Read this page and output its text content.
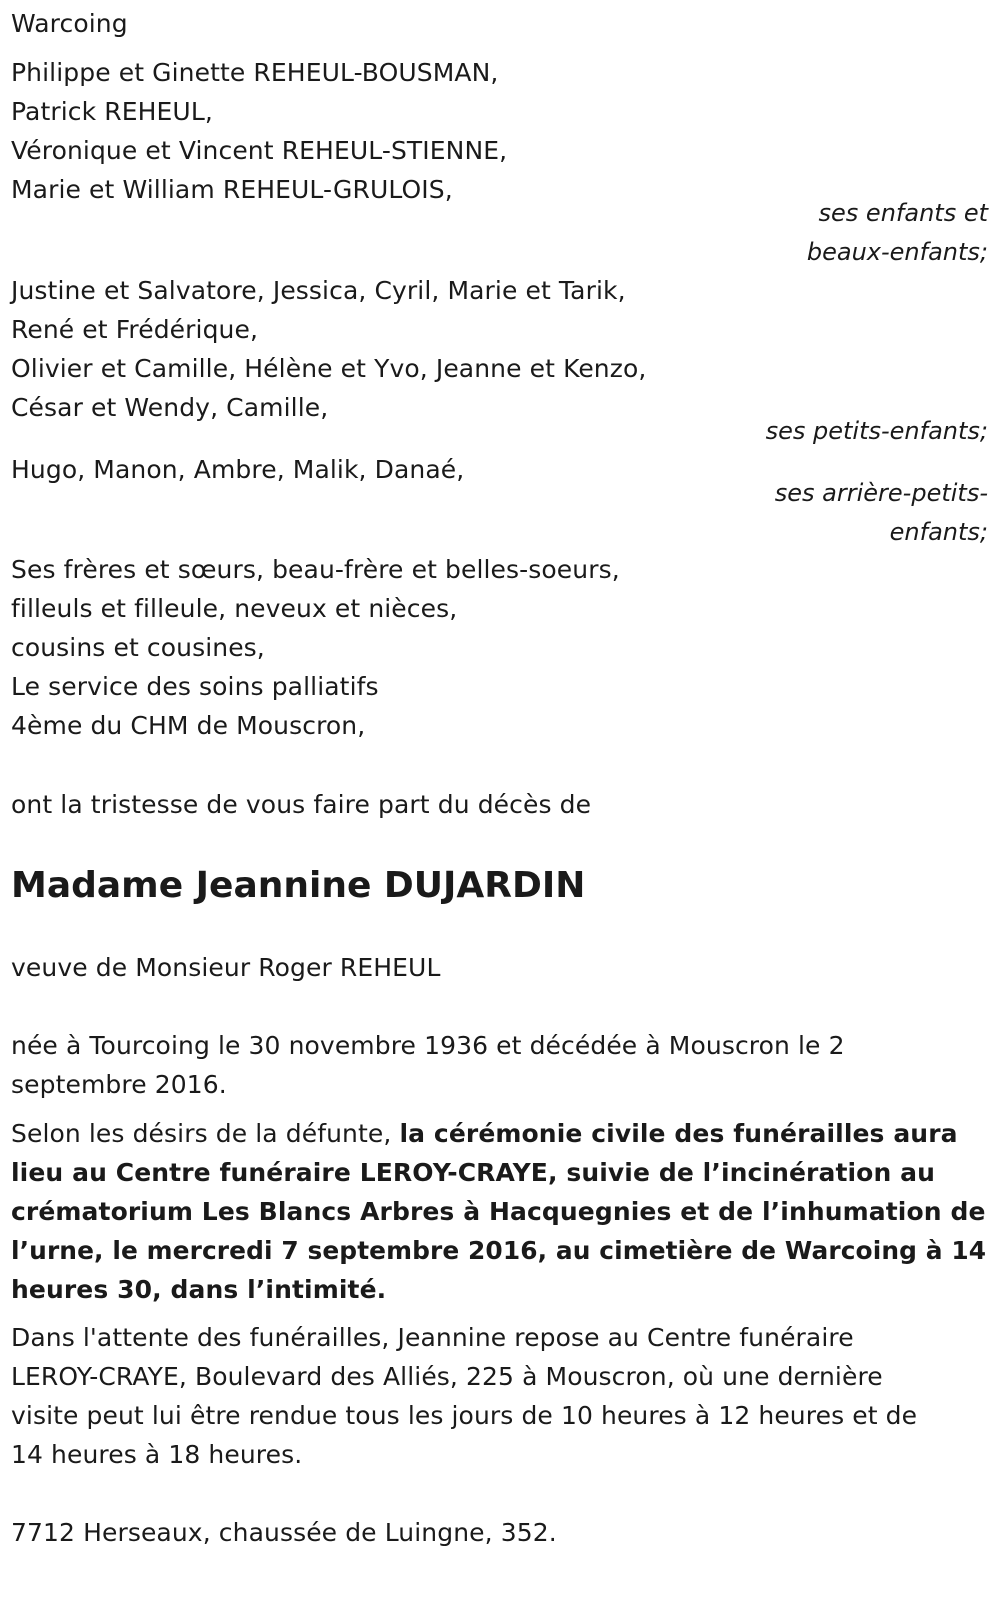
Warcoing
Philippe et Ginette REHEUL-BOUSMAN,
Patrick REHEUL,
Véronique et Vincent REHEUL-STIENNE,
Marie et William REHEUL-GRULOIS,
ses enfants et
beaux-enfants;
Justine et Salvatore, Jessica, Cyril, Marie et Tarik,
René et Frédérique,
Olivier et Camille, Hélène et Yvo, Jeanne et Kenzo,
César et Wendy, Camille,
ses petits-enfants;
Hugo, Manon, Ambre, Malik, Danaé,
ses arrière-petits-
enfants;
Ses frères et sœurs, beau-frère et belles-soeurs,
filleuls et filleule, neveux et nièces,
cousins et cousines,
Le service des soins palliatifs
4ème du CHM de Mouscron,
ont la tristesse de vous faire part du décès de
Madame Jeannine DUJARDIN
veuve de Monsieur Roger REHEUL
née à Tourcoing le 30 novembre 1936 et décédée à Mouscron le 2
septembre 2016.
Selon les désirs de la défunte, la cérémonie civile des funérailles aura
lieu au Centre funéraire LEROY-CRAYE, suivie de l’incinération au
crématorium Les Blancs Arbres à Hacquegnies et de l’inhumation de
l’urne, le mercredi 7 septembre 2016, au cimetière de Warcoing à 14
heures 30, dans l’intimité.
Dans l'attente des funérailles, Jeannine repose au Centre funéraire
LEROY-CRAYE, Boulevard des Alliés, 225 à Mouscron, où une dernière
visite peut lui être rendue tous les jours de 10 heures à 12 heures et de
14 heures à 18 heures.
7712 Herseaux, chaussée de Luingne, 352.
